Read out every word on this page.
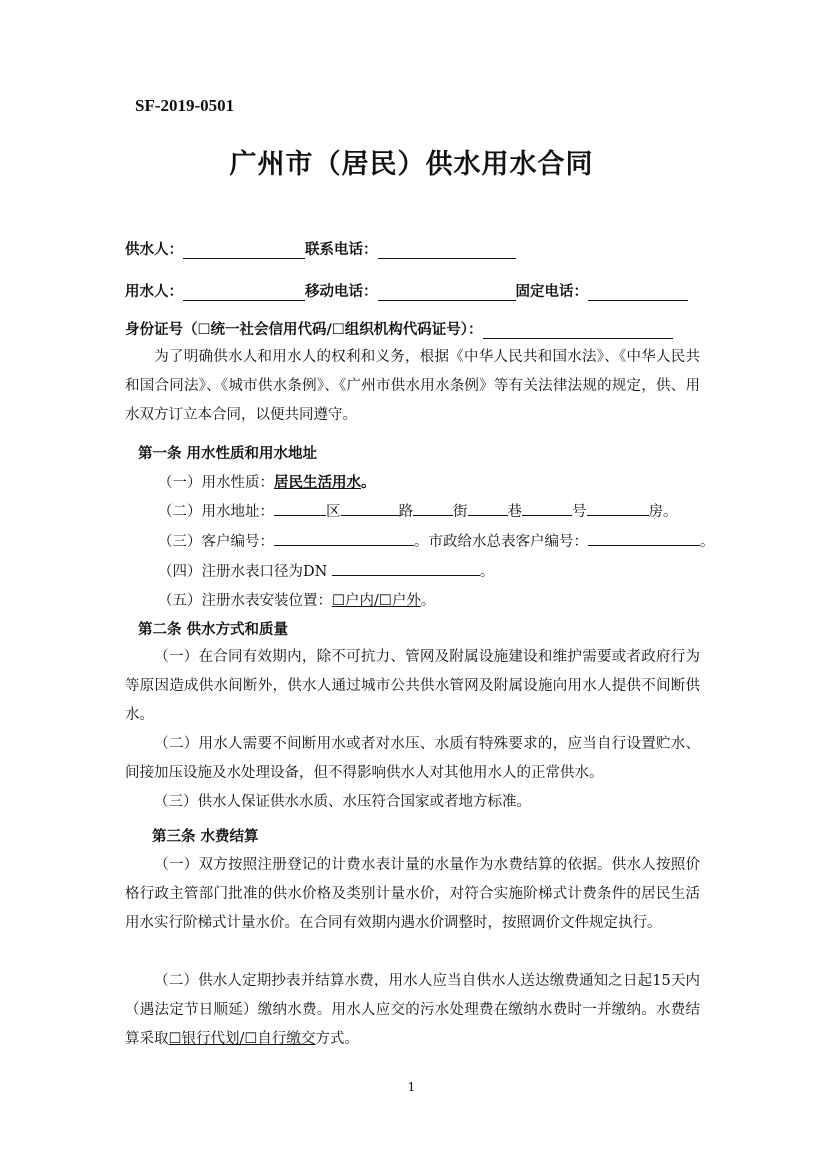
SF-2019-0501
广州市（居民）供水用水合同
供水人：	联系电话：
用水人：	移动电话：	固定电话：
身份证号（☐统一社会信用代码/☐组织机构代码证号）：
为了明确供水人和用水人的权利和义务，根据《中华人民共和国水法》、《中华人民共和国合同法》、《城市供水条例》、《广州市供水用水条例》等有关法律法规的规定，供、用水双方订立本合同，以便共同遵守。
第一条 用水性质和用水地址
（一）用水性质：居民生活用水。
（二）用水地址：	区	路	街	巷	号	房。
（三）客户编号：	。市政给水总表客户编号：	。
（四）注册水表口径为DN	。
（五）注册水表安装位置：☐户内/☐户外。
第二条 供水方式和质量
（一）在合同有效期内，除不可抗力、管网及附属设施建设和维护需要或者政府行为等原因造成供水间断外，供水人通过城市公共供水管网及附属设施向用水人提供不间断供水。
（二）用水人需要不间断用水或者对水压、水质有特殊要求的，应当自行设置贮水、间接加压设施及水处理设备，但不得影响供水人对其他用水人的正常供水。
（三）供水人保证供水水质、水压符合国家或者地方标准。
第三条 水费结算
（一）双方按照注册登记的计费水表计量的水量作为水费结算的依据。供水人按照价格行政主管部门批准的供水价格及类别计量水价，对符合实施阶梯式计费条件的居民生活用水实行阶梯式计量水价。在合同有效期内遇水价调整时，按照调价文件规定执行。
（二）供水人定期抄表并结算水费，用水人应当自供水人送达缴费通知之日起15天内（遇法定节日顺延）缴纳水费。用水人应交的污水处理费在缴纳水费时一并缴纳。水费结算采取☐银行代划/☐自行缴交方式。
1
